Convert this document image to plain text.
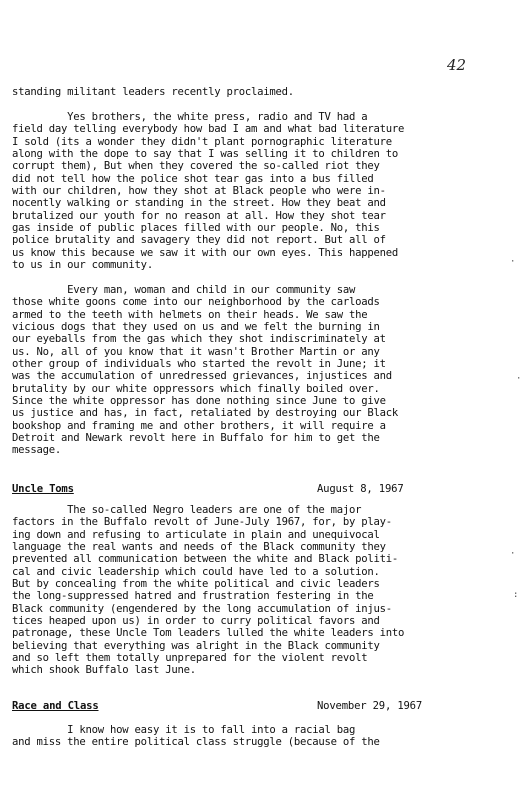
42
standing militant leaders recently proclaimed.
Yes brothers, the white press, radio and TV had a
field day telling everybody how bad I am and what bad literature
I sold (its a wonder they didn't plant pornographic literature
along with the dope to say that I was selling it to children to
corrupt them), But when they covered the so-called riot they
did not tell how the police shot tear gas into a bus filled
with our children, how they shot at Black people who were in-
nocently walking or standing in the street. How they beat and
brutalized our youth for no reason at all. How they shot tear
gas inside of public places filled with our people. No, this
police brutality and savagery they did not report. But all of
us know this because we saw it with our own eyes. This happened
to us in our community.
Every man, woman and child in our community saw
those white goons come into our neighborhood by the carloads
armed to the teeth with helmets on their heads. We saw the
vicious dogs that they used on us and we felt the burning in
our eyeballs from the gas which they shot indiscriminately at
us. No, all of you know that it wasn't Brother Martin or any
other group of individuals who started the revolt in June; it
was the accumulation of unredressed grievances, injustices and
brutality by our white oppressors which finally boiled over.
Since the white oppressor has done nothing since June to give
us justice and has, in fact, retaliated by destroying our Black
bookshop and framing me and other brothers, it will require a
Detroit and Newark revolt here in Buffalo for him to get the
message.
Uncle Toms	August 8, 1967
The so-called Negro leaders are one of the major
factors in the Buffalo revolt of June-July 1967, for, by play-
ing down and refusing to articulate in plain and unequivocal
language the real wants and needs of the Black community they
prevented all communication between the white and Black politi-
cal and civic leadership which could have led to a solution.
But by concealing from the white political and civic leaders
the long-suppressed hatred and frustration festering in the
Black community (engendered by the long accumulation of injus-
tices heaped upon us) in order to curry political favors and
patronage, these Uncle Tom leaders lulled the white leaders into
believing that everything was alright in the Black community
and so left them totally unprepared for the violent revolt
which shook Buffalo last June.
Race and Class	November 29, 1967
I know how easy it is to fall into a racial bag
and miss the entire political class struggle (because of the
·
·
·
:
